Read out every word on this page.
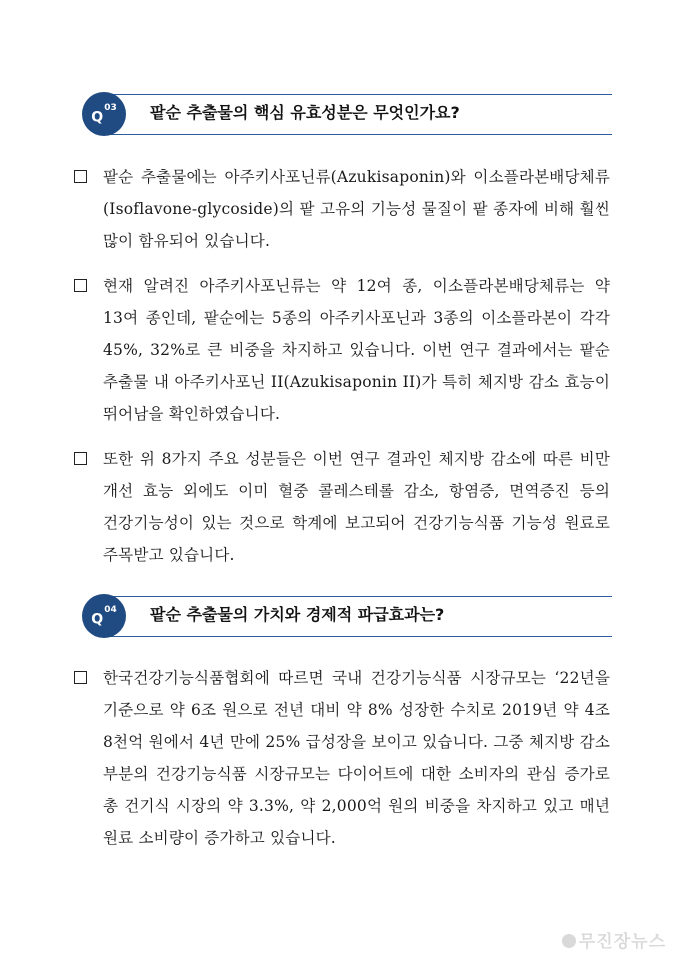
$Q^{03}$	팥순 추출물의 핵심 유효성분은 무엇인가요?
팥순 추출물에는 아주키사포닌류(Azukisaponin)와 이소플라본배당체류(Isoflavone-glycoside)의 팥 고유의 기능성 물질이 팥 종자에 비해 훨씬 많이 함유되어 있습니다.
현재 알려진 아주키사포닌류는 약 12여 종, 이소플라본배당체류는 약 13여 종인데, 팥순에는 5종의 아주키사포닌과 3종의 이소플라본이 각각 45%, 32%로 큰 비중을 차지하고 있습니다. 이번 연구 결과에서는 팥순 추출물 내 아주키사포닌 II(Azukisaponin II)가 특히 체지방 감소 효능이 뛰어남을 확인하였습니다.
또한 위 8가지 주요 성분들은 이번 연구 결과인 체지방 감소에 따른 비만 개선 효능 외에도 이미 혈중 콜레스테롤 감소, 항염증, 면역증진 등의 건강기능성이 있는 것으로 학계에 보고되어 건강기능식품 기능성 원료로 주목받고 있습니다.
$Q^{04}$	팥순 추출물의 가치와 경제적 파급효과는?
한국건강기능식품협회에 따르면 국내 건강기능식품 시장규모는 ‘22년을 기준으로 약 6조 원으로 전년 대비 약 8% 성장한 수치로 2019년 약 4조 8천억 원에서 4년 만에 25% 급성장을 보이고 있습니다. 그중 체지방 감소 부분의 건강기능식품 시장규모는 다이어트에 대한 소비자의 관심 증가로 총 건기식 시장의 약 3.3%, 약 2,000억 원의 비중을 차지하고 있고 매년 원료 소비량이 증가하고 있습니다.
무진장뉴스
